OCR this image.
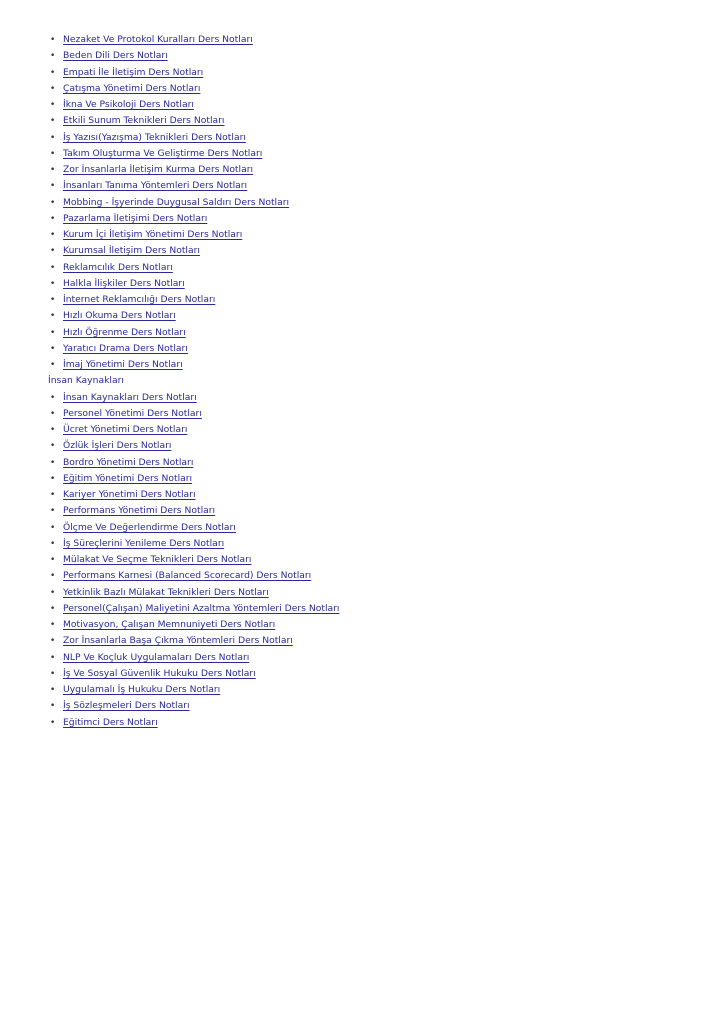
• Nezaket Ve Protokol Kuralları Ders Notları
• Beden Dili Ders Notları
• Empati İle İletişim Ders Notları
• Çatışma Yönetimi Ders Notları
• İkna Ve Psikoloji Ders Notları
• Etkili Sunum Teknikleri Ders Notları
• İş Yazısı(Yazışma) Teknikleri Ders Notları
• Takım Oluşturma Ve Geliştirme Ders Notları
• Zor İnsanlarla İletişim Kurma Ders Notları
• İnsanları Tanıma Yöntemleri Ders Notları
• Mobbing - İşyerinde Duygusal Saldırı Ders Notları
• Pazarlama İletişimi Ders Notları
• Kurum İçi İletişim Yönetimi Ders Notları
• Kurumsal İletişim Ders Notları
• Reklamcılık Ders Notları
• Halkla İlişkiler Ders Notları
• İnternet Reklamcılığı Ders Notları
• Hızlı Okuma Ders Notları
• Hızlı Öğrenme Ders Notları
• Yaratıcı Drama Ders Notları
• İmaj Yönetimi Ders Notları
İnsan Kaynakları
• İnsan Kaynakları Ders Notları
• Personel Yönetimi Ders Notları
• Ücret Yönetimi Ders Notları
• Özlük İşleri Ders Notları
• Bordro Yönetimi Ders Notları
• Eğitim Yönetimi Ders Notları
• Kariyer Yönetimi Ders Notları
• Performans Yönetimi Ders Notları
• Ölçme Ve Değerlendirme Ders Notları
• İş Süreçlerini Yenileme Ders Notları
• Mülakat Ve Seçme Teknikleri Ders Notları
• Performans Karnesi (Balanced Scorecard) Ders Notları
• Yetkinlik Bazlı Mülakat Teknikleri Ders Notları
• Personel(Çalışan) Maliyetini Azaltma Yöntemleri Ders Notları
• Motivasyon, Çalışan Memnuniyeti Ders Notları
• Zor İnsanlarla Başa Çıkma Yöntemleri Ders Notları
• NLP Ve Koçluk Uygulamaları Ders Notları
• İş Ve Sosyal Güvenlik Hukuku Ders Notları
• Uygulamalı İş Hukuku Ders Notları
• İş Sözleşmeleri Ders Notları
• Eğitimci Ders Notları
